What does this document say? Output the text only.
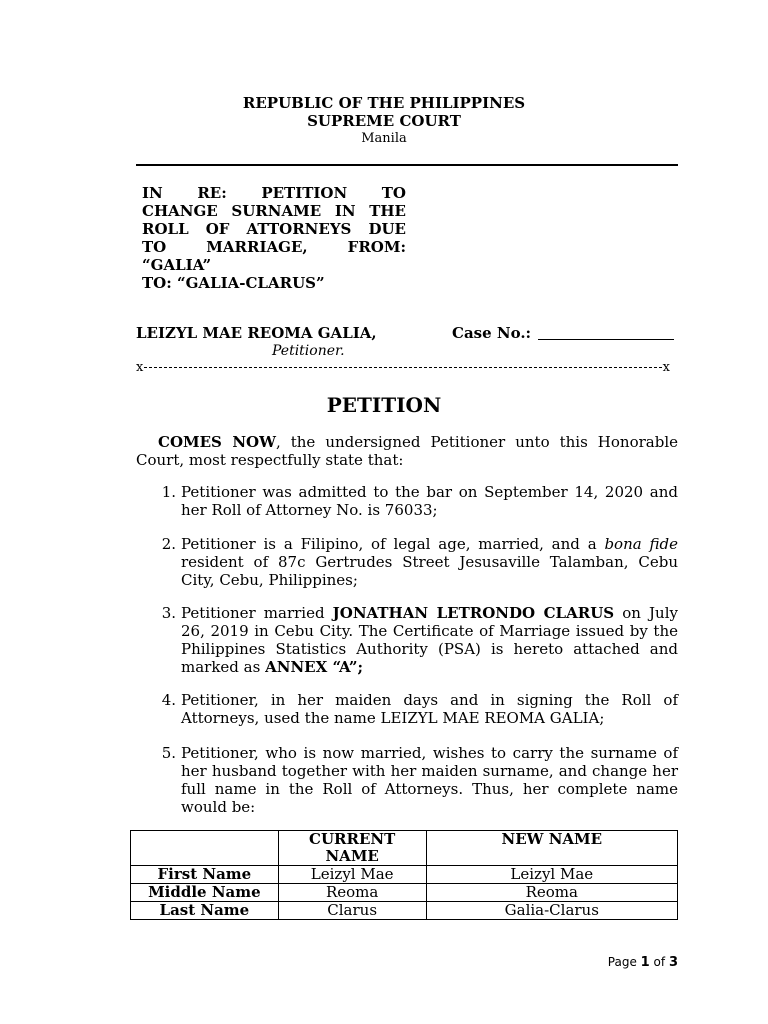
REPUBLIC OF THE PHILIPPINES
SUPREME COURT
Manila
IN RE: PETITION TO
CHANGE SURNAME IN THE
ROLL OF ATTORNEYS DUE
TO MARRIAGE, FROM:
“GALIA”
TO: “GALIA-CLARUS”
LEIZYL MAE REOMA GALIA,
Petitioner.
Case No.:
x	x
PETITION
COMES NOW, the undersigned Petitioner unto this Honorable Court, most respectfully state that:
1. Petitioner was admitted to the bar on September 14, 2020 and her Roll of Attorney No. is 76033;
2. Petitioner is a Filipino, of legal age, married, and a bona fide resident of 87c Gertrudes Street Jesusaville Talamban, Cebu City, Cebu, Philippines;
3. Petitioner married JONATHAN LETRONDO CLARUS on July 26, 2019 in Cebu City. The Certificate of Marriage issued by the Philippines Statistics Authority (PSA) is hereto attached and marked as ANNEX “A”;
4. Petitioner, in her maiden days and in signing the Roll of Attorneys, used the name LEIZYL MAE REOMA GALIA;
5. Petitioner, who is now married, wishes to carry the surname of her husband together with her maiden surname, and change her full name in the Roll of Attorneys. Thus, her complete name would be:
	CURRENT NAME	NEW NAME
First Name	Leizyl Mae	Leizyl Mae
Middle Name	Reoma	Reoma
Last Name	Clarus	Galia-Clarus
Page 1 of 3
